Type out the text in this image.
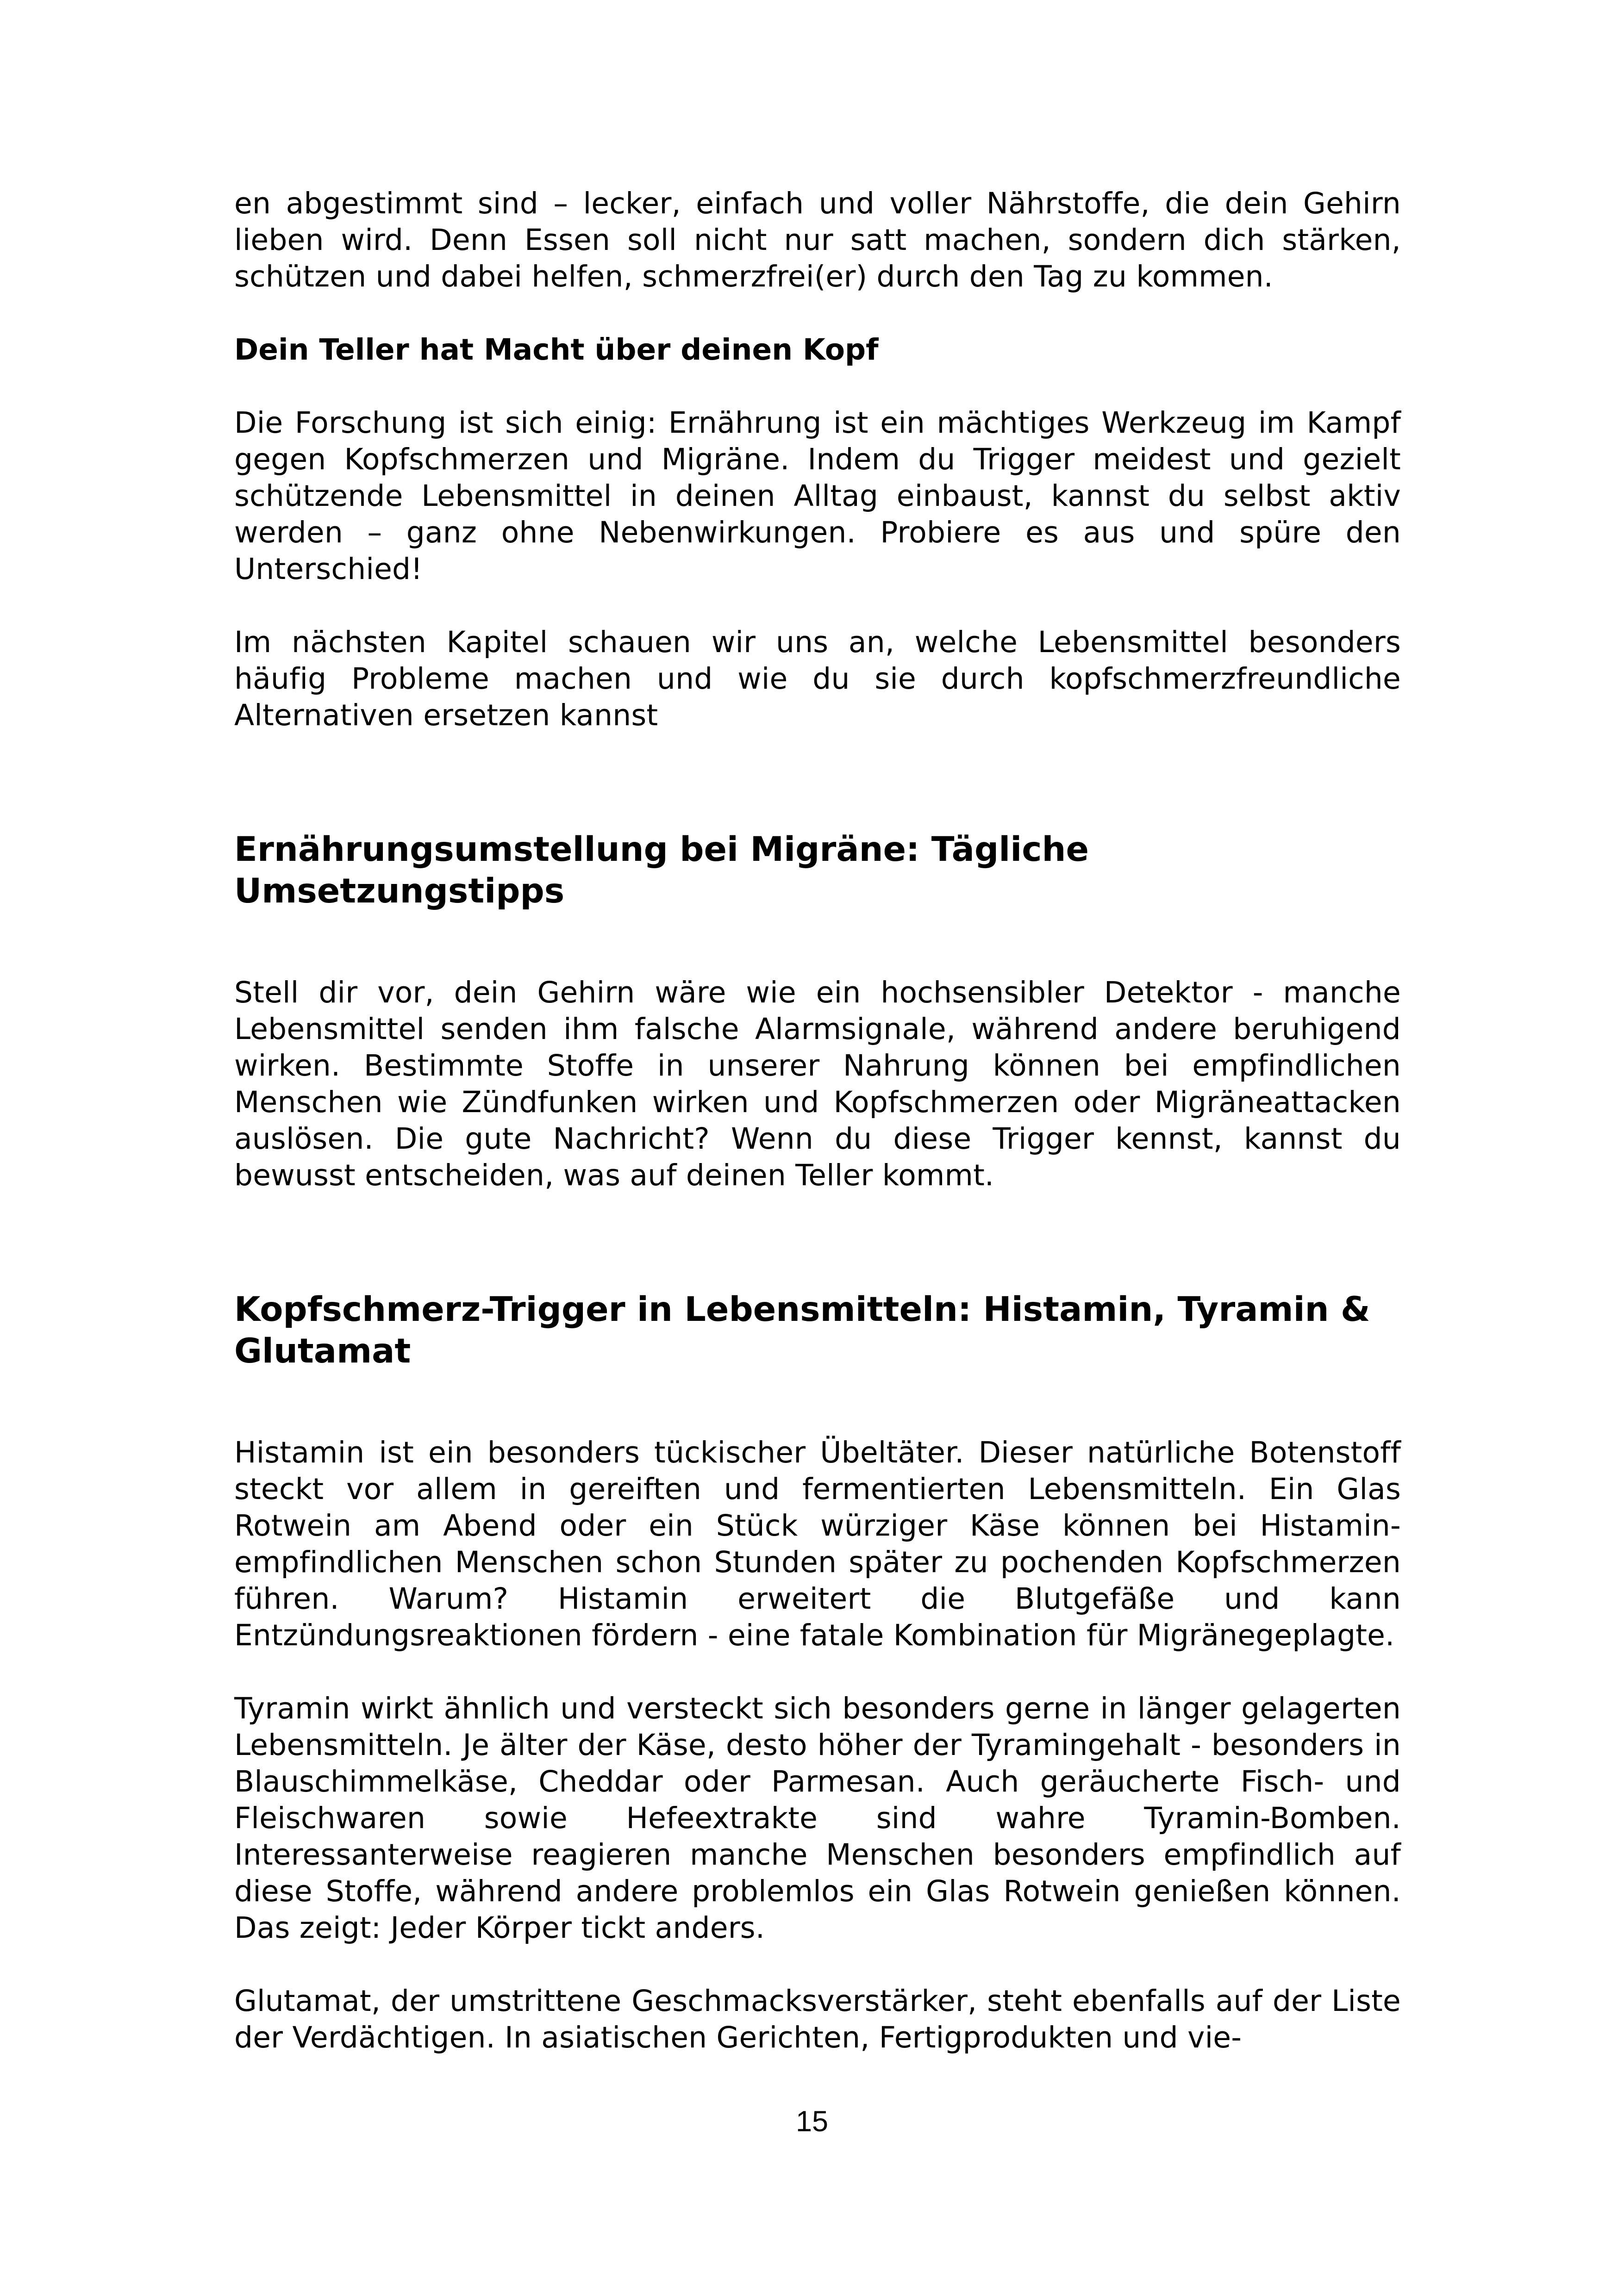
en abgestimmt sind – lecker, einfach und voller Nährstoffe, die dein Gehirn lieben wird. Denn Essen soll nicht nur satt machen, sondern dich stärken, schützen und dabei helfen, schmerzfrei(er) durch den Tag zu kommen.

Dein Teller hat Macht über deinen Kopf

Die Forschung ist sich einig: Ernährung ist ein mächtiges Werkzeug im Kampf gegen Kopfschmerzen und Migräne. Indem du Trigger meidest und gezielt schützende Lebensmittel in deinen Alltag einbaust, kannst du selbst aktiv werden – ganz ohne Nebenwirkungen. Probiere es aus und spüre den Unterschied!

Im nächsten Kapitel schauen wir uns an, welche Lebensmittel besonders häufig Probleme machen und wie du sie durch kopfschmerzfreundliche Alternativen ersetzen kannst

Ernährungsumstellung bei Migräne: Tägliche Umsetzungstipps

Stell dir vor, dein Gehirn wäre wie ein hochsensibler Detektor - manche Lebensmittel senden ihm falsche Alarmsignale, während andere beruhigend wirken. Bestimmte Stoffe in unserer Nahrung können bei empfindlichen Menschen wie Zündfunken wirken und Kopfschmerzen oder Migräneattacken auslösen. Die gute Nachricht? Wenn du diese Trigger kennst, kannst du bewusst entscheiden, was auf deinen Teller kommt.

Kopfschmerz-Trigger in Lebensmitteln: Histamin, Tyramin & Glutamat

Histamin ist ein besonders tückischer Übeltäter. Dieser natürliche Botenstoff steckt vor allem in gereiften und fermentierten Lebensmitteln. Ein Glas Rotwein am Abend oder ein Stück würziger Käse können bei Histamin-empfindlichen Menschen schon Stunden später zu pochenden Kopfschmerzen führen. Warum? Histamin erweitert die Blutgefäße und kann Entzündungsreaktionen fördern - eine fatale Kombination für Migränegeplagte.

Tyramin wirkt ähnlich und versteckt sich besonders gerne in länger gelagerten Lebensmitteln. Je älter der Käse, desto höher der Tyramingehalt - besonders in Blauschimmelkäse, Cheddar oder Parmesan. Auch geräucherte Fisch- und Fleischwaren sowie Hefeextrakte sind wahre Tyramin-Bomben. Interessanterweise reagieren manche Menschen besonders empfindlich auf diese Stoffe, während andere problemlos ein Glas Rotwein genießen können. Das zeigt: Jeder Körper tickt anders.

Glutamat, der umstrittene Geschmacksverstärker, steht ebenfalls auf der Liste der Verdächtigen. In asiatischen Gerichten, Fertigprodukten und vie-

15
